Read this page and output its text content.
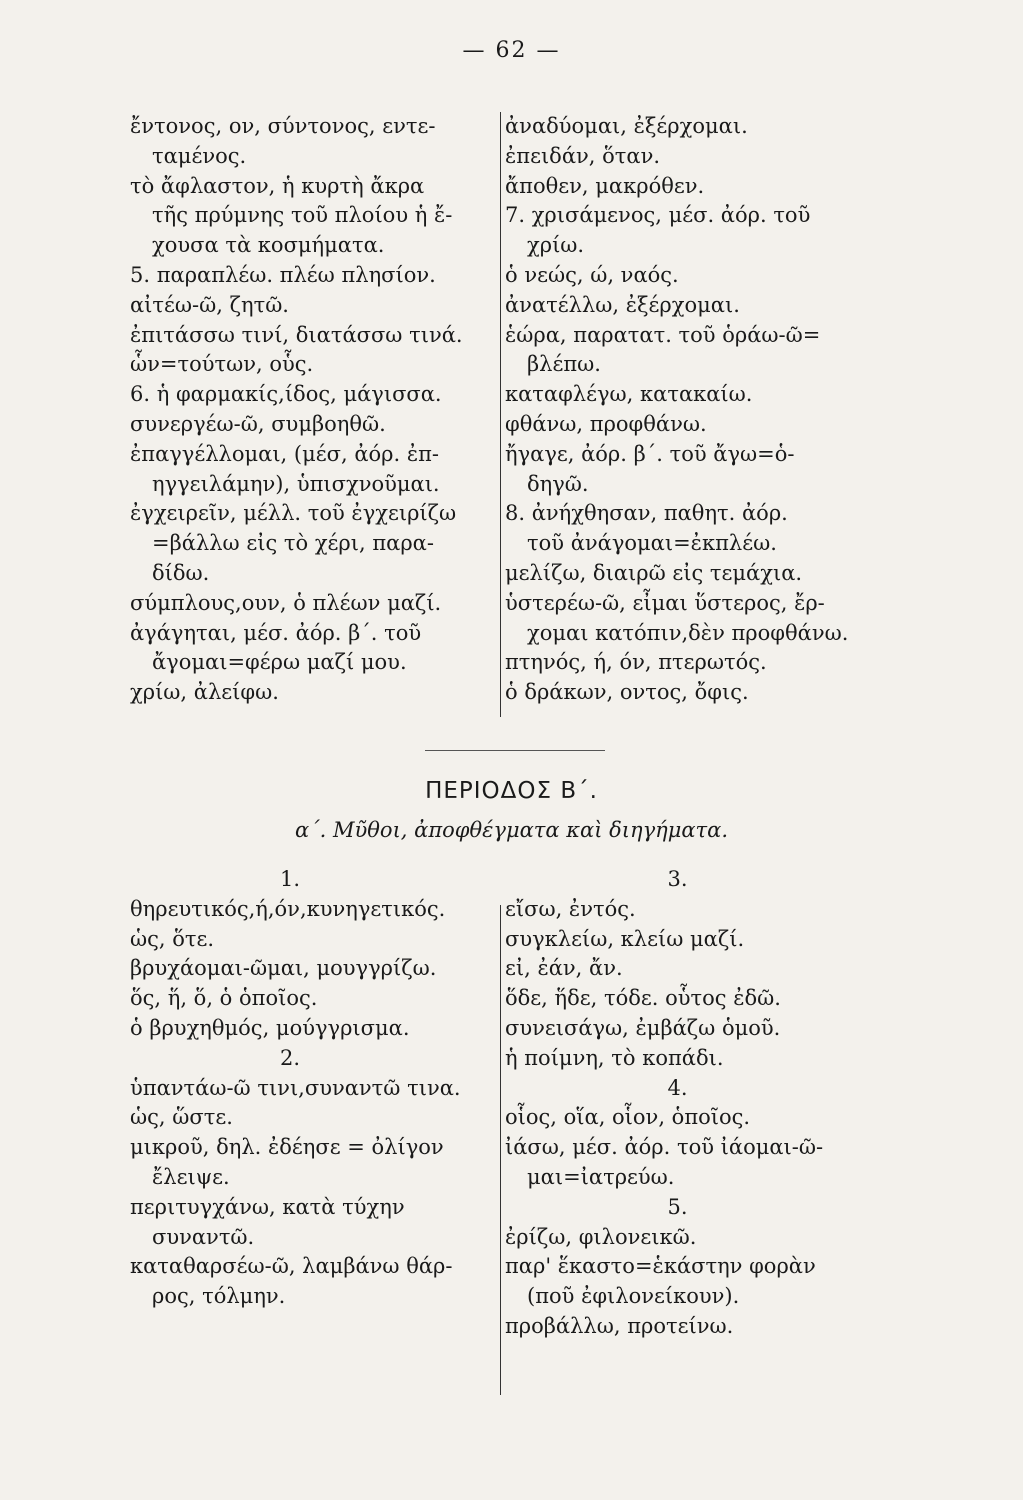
— 62 —
ἔντονος, ον, σύντονος, εντε-
ταμένος.
τὸ ἄφλαστον, ἡ κυρτὴ ἄκρα
τῆς πρύμνης τοῦ πλοίου ἡ ἔ-
χουσα τὰ κοσμήματα.
5. παραπλέω. πλέω πλησίον.
αἰτέω-ῶ, ζητῶ.
ἐπιτάσσω τινί, διατάσσω τινά.
ὧν=τούτων, οὗς.
6. ἡ φαρμακίς,ίδος, μάγισσα.
συνεργέω-ῶ, συμβοηθῶ.
ἐπαγγέλλομαι, (μέσ, ἀόρ. ἐπ-
ηγγειλάμην), ὑπισχνοῦμαι.
ἐγχειρεῖν, μέλλ. τοῦ ἐγχειρίζω
=βάλλω εἰς τὸ χέρι, παρα-
δίδω.
σύμπλους,ουν, ὁ πλέων μαζί.
ἀγάγηται, μέσ. ἀόρ. β΄. τοῦ
ἄγομαι=φέρω μαζί μου.
χρίω, ἀλείφω.
ἀναδύομαι, ἐξέρχομαι.
ἐπειδάν, ὅταν.
ἄποθεν, μακρόθεν.
7. χρισάμενος, μέσ. ἀόρ. τοῦ
χρίω.
ὁ νεώς, ώ, ναός.
ἀνατέλλω, ἐξέρχομαι.
ἑώρα, παρατατ. τοῦ ὁράω-ῶ=
βλέπω.
καταφλέγω, κατακαίω.
φθάνω, προφθάνω.
ἤγαγε, ἀόρ. β΄. τοῦ ἄγω=ὁ-
δηγῶ.
8. ἀνήχθησαν, παθητ. ἀόρ.
τοῦ ἀνάγομαι=ἐκπλέω.
μελίζω, διαιρῶ εἰς τεμάχια.
ὑστερέω-ῶ, εἶμαι ὕστερος, ἔρ-
χομαι κατόπιν,δὲν προφθάνω.
πτηνός, ή, όν, πτερωτός.
ὁ δράκων, οντος, ὄφις.
ΠΕΡΙΟΔΟΣ Β΄.
α΄. Μῦθοι, ἀποφθέγματα καὶ διηγήματα.
1.
θηρευτικός,ή,όν,κυνηγετικός.
ὡς, ὅτε.
βρυχάομαι-ῶμαι, μουγγρίζω.
ὅς, ἥ, ὅ, ὁ ὁποῖος.
ὁ βρυχηθμός, μούγγρισμα.
2.
ὑπαντάω-ῶ τινι,συναντῶ τινα.
ὡς, ὥστε.
μικροῦ, δηλ. ἐδέησε = ὀλίγον
ἔλειψε.
περιτυγχάνω, κατὰ τύχην
συναντῶ.
καταθαρσέω-ῶ, λαμβάνω θάρ-
ρος, τόλμην.
3.
εἴσω, ἐντός.
συγκλείω, κλείω μαζί.
εἰ, ἐάν, ἄν.
ὅδε, ἥδε, τόδε. οὗτος ἐδῶ.
συνεισάγω, ἐμβάζω ὁμοῦ.
ἡ ποίμνη, τὸ κοπάδι.
4.
οἷος, οἵα, οἷον, ὁποῖος.
ἰάσω, μέσ. ἀόρ. τοῦ ἰάομαι-ῶ-
μαι=ἰατρεύω.
5.
ἐρίζω, φιλονεικῶ.
παρ' ἕκαστο=ἑκάστην φορὰν
(ποῦ ἐφιλονείκουν).
προβάλλω, προτείνω.
